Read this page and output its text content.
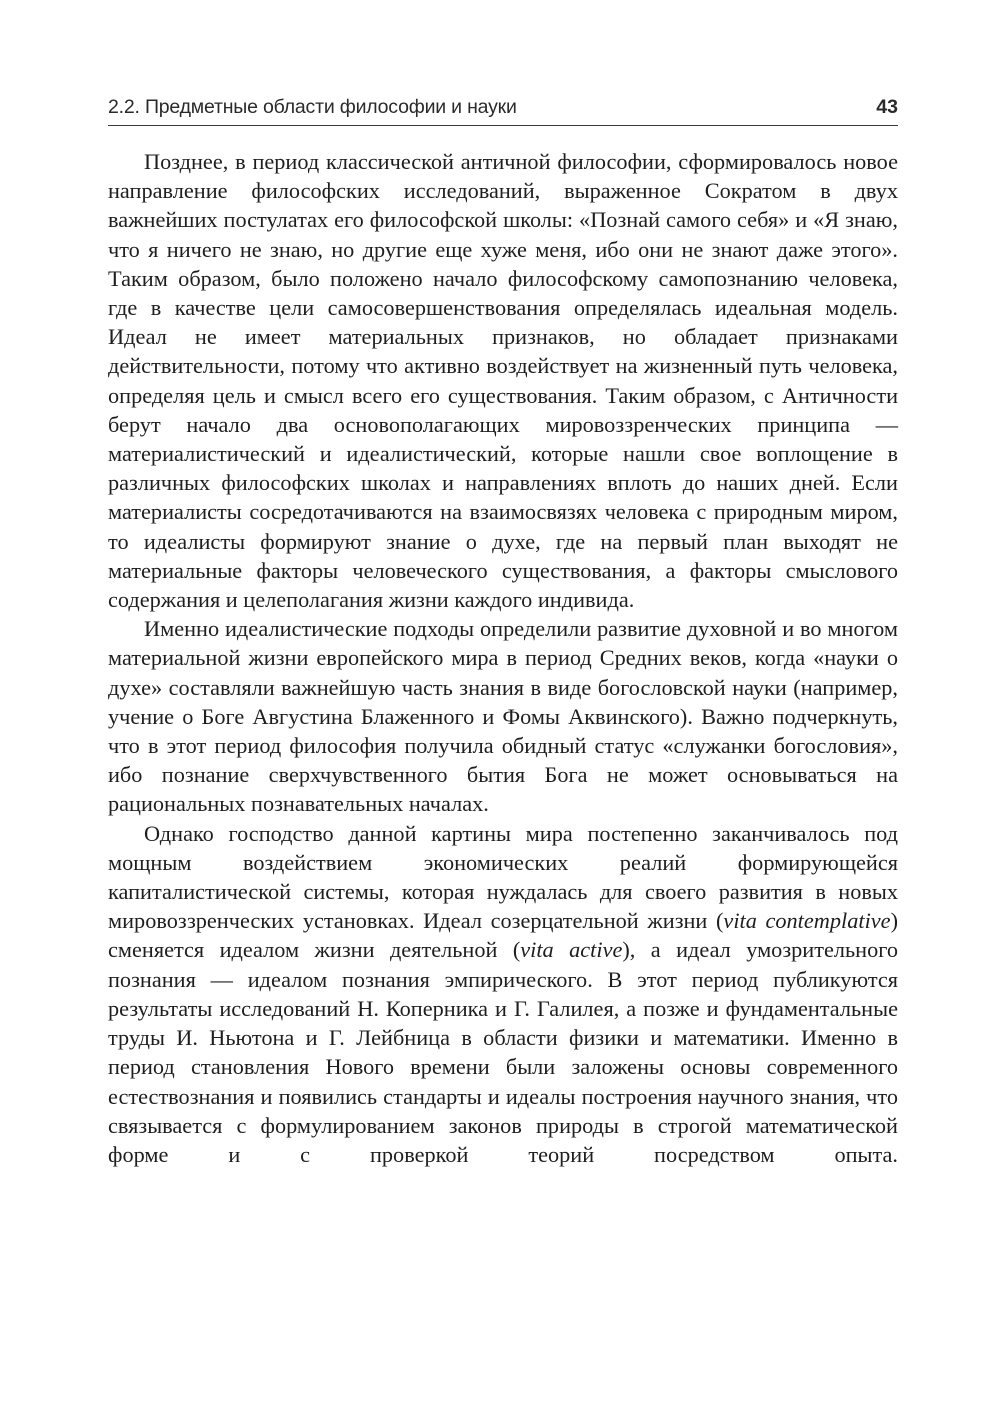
2.2. Предметные области философии и науки	43

Позднее, в период классической античной философии, сформировалось новое направление философских исследований, выраженное Сократом в двух важнейших постулатах его философской школы: «Познай самого себя» и «Я знаю, что я ничего не знаю, но другие еще хуже меня, ибо они не знают даже этого». Таким образом, было положено начало философскому самопознанию человека, где в качестве цели самосовершенствования определялась идеальная модель. Идеал не имеет материальных признаков, но обладает признаками действительности, потому что активно воздействует на жизненный путь человека, определяя цель и смысл всего его существования. Таким образом, с Античности берут начало два основополагающих мировоззренческих принципа — материалистический и идеалистический, которые нашли свое воплощение в различных философских школах и направлениях вплоть до наших дней. Если материалисты сосредотачиваются на взаимосвязях человека с природным миром, то идеалисты формируют знание о духе, где на первый план выходят не материальные факторы человеческого существования, а факторы смыслового содержания и целеполагания жизни каждого индивида.

Именно идеалистические подходы определили развитие духовной и во многом материальной жизни европейского мира в период Средних веков, когда «науки о духе» составляли важнейшую часть знания в виде богословской науки (например, учение о Боге Августина Блаженного и Фомы Аквинского). Важно подчеркнуть, что в этот период философия получила обидный статус «служанки богословия», ибо познание сверхчувственного бытия Бога не может основываться на рациональных познавательных началах.

Однако господство данной картины мира постепенно заканчивалось под мощным воздействием экономических реалий формирующейся капиталистической системы, которая нуждалась для своего развития в новых мировоззренческих установках. Идеал созерцательной жизни (vita contemplative) сменяется идеалом жизни деятельной (vita active), а идеал умозрительного познания — идеалом познания эмпирического. В этот период публикуются результаты исследований Н. Коперника и Г. Галилея, а позже и фундаментальные труды И. Ньютона и Г. Лейбница в области физики и математики. Именно в период становления Нового времени были заложены основы современного естествознания и появились стандарты и идеалы построения научного знания, что связывается с формулированием законов природы в строгой математической форме и с проверкой теорий посредством опыта.
